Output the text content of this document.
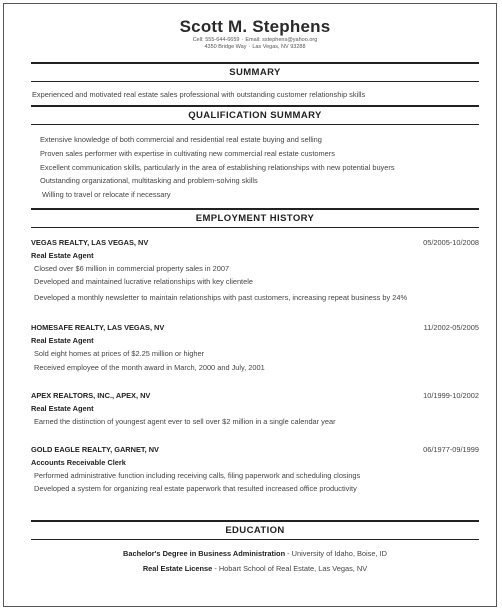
Scott M. Stephens
Cell: 555-644-6659 · Email: sstephens@yahoo.org
4350 Bridge Way · Las Vegas, NV 93288
SUMMARY
Experienced and motivated real estate sales professional with outstanding customer relationship skills
QUALIFICATION SUMMARY
Extensive knowledge of both commercial and residential real estate buying and selling
Proven sales performer with expertise in cultivating new commercial real estate customers
Excellent communication skills, particularly in the area of establishing relationships with new potential buyers
Outstanding organizational, multitasking and problem-solving skills
Willing to travel or relocate if necessary
EMPLOYMENT HISTORY
VEGAS REALTY, LAS VEGAS, NV	05/2005-10/2008
Real Estate Agent
Closed over $6 million in commercial property sales in 2007
Developed and maintained lucrative relationships with key clientele
Developed a monthly newsletter to maintain relationships with past customers, increasing repeat business by 24%
HOMESAFE REALTY, LAS VEGAS, NV	11/2002-05/2005
Real Estate Agent
Sold eight homes at prices of $2.25 million or higher
Received employee of the month award in March, 2000 and July, 2001
APEX REALTORS, INC., APEX, NV	10/1999-10/2002
Real Estate Agent
Earned the distinction of youngest agent ever to sell over $2 million in a single calendar year
GOLD EAGLE REALTY, GARNET, NV	06/1977-09/1999
Accounts Receivable Clerk
Performed administrative function including receiving calls, filing paperwork and scheduling closings
Developed a system for organizing real estate paperwork that resulted increased office productivity
EDUCATION
Bachelor's Degree in Business Administration - University of Idaho, Boise, ID
Real Estate License - Hobart School of Real Estate, Las Vegas, NV
